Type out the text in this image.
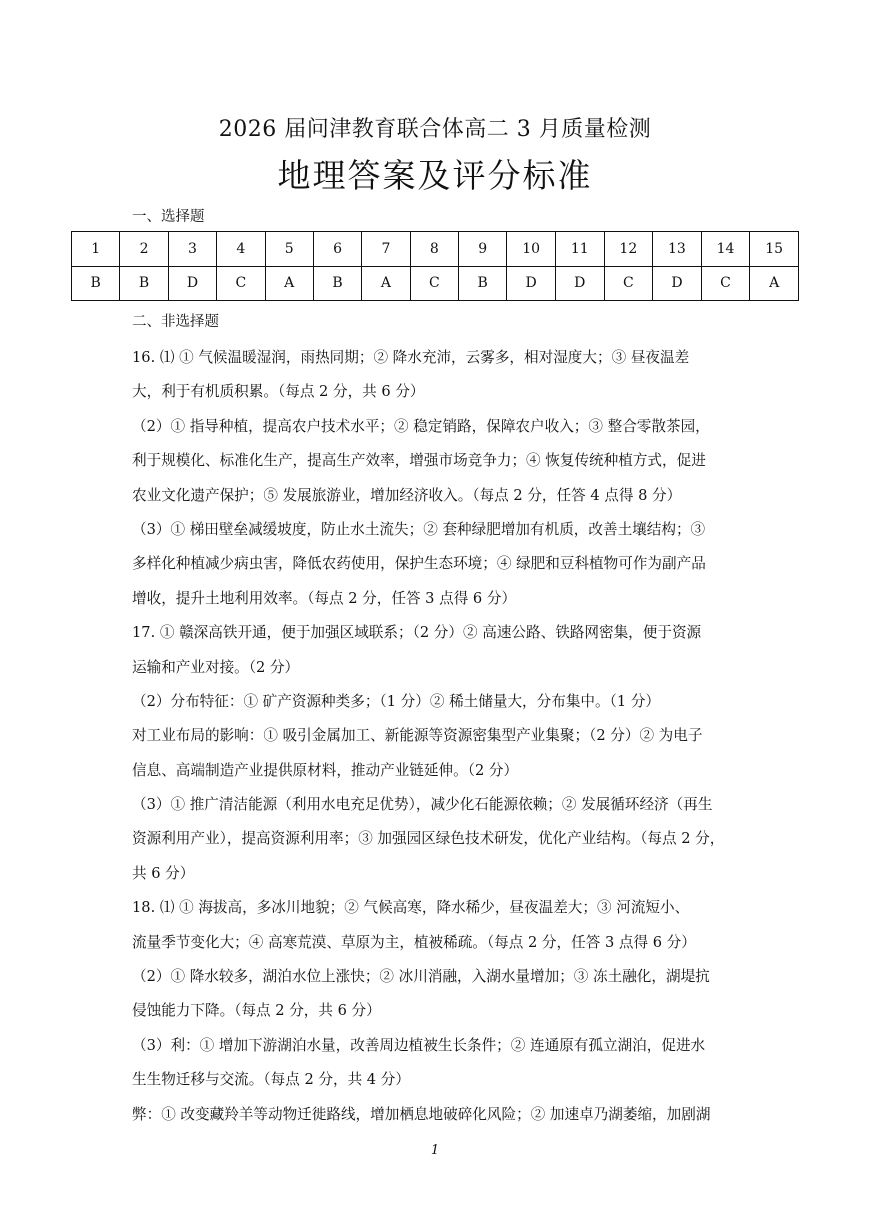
2026 届问津教育联合体高二 3 月质量检测
地理答案及评分标准
一、选择题
1	2	3	4	5	6	7	8	9	10	11	12	13	14	15
B	B	D	C	A	B	A	C	B	D	D	C	D	C	A
二、非选择题
16. ⑴ ① 气候温暖湿润，雨热同期；② 降水充沛，云雾多，相对湿度大；③ 昼夜温差
大，利于有机质积累。（每点 2 分，共 6 分）
（2）① 指导种植，提高农户技术水平；② 稳定销路，保障农户收入；③ 整合零散茶园，
利于规模化、标准化生产，提高生产效率，增强市场竞争力；④ 恢复传统种植方式，促进
农业文化遗产保护；⑤ 发展旅游业，增加经济收入。（每点 2 分，任答 4 点得 8 分）
（3）① 梯田壁垒减缓坡度，防止水土流失；② 套种绿肥增加有机质，改善土壤结构；③
多样化种植减少病虫害，降低农药使用，保护生态环境；④ 绿肥和豆科植物可作为副产品
增收，提升土地利用效率。（每点 2 分，任答 3 点得 6 分）
17. ① 赣深高铁开通，便于加强区域联系；（2 分）② 高速公路、铁路网密集，便于资源
运输和产业对接。（2 分）
（2）分布特征：① 矿产资源种类多；（1 分）② 稀土储量大，分布集中。（1 分）
对工业布局的影响：① 吸引金属加工、新能源等资源密集型产业集聚；（2 分）② 为电子
信息、高端制造产业提供原材料，推动产业链延伸。（2 分）
（3）① 推广清洁能源（利用水电充足优势），减少化石能源依赖；② 发展循环经济（再生
资源利用产业），提高资源利用率；③ 加强园区绿色技术研发，优化产业结构。（每点 2 分，
共 6 分）
18. ⑴ ① 海拔高，多冰川地貌；② 气候高寒，降水稀少，昼夜温差大；③ 河流短小、
流量季节变化大；④ 高寒荒漠、草原为主，植被稀疏。（每点 2 分，任答 3 点得 6 分）
（2）① 降水较多，湖泊水位上涨快；② 冰川消融，入湖水量增加；③ 冻土融化，湖堤抗
侵蚀能力下降。（每点 2 分，共 6 分）
（3）利：① 增加下游湖泊水量，改善周边植被生长条件；② 连通原有孤立湖泊，促进水
生生物迁移与交流。（每点 2 分，共 4 分）
弊：① 改变藏羚羊等动物迁徙路线，增加栖息地破碎化风险；② 加速卓乃湖萎缩，加剧湖
1
